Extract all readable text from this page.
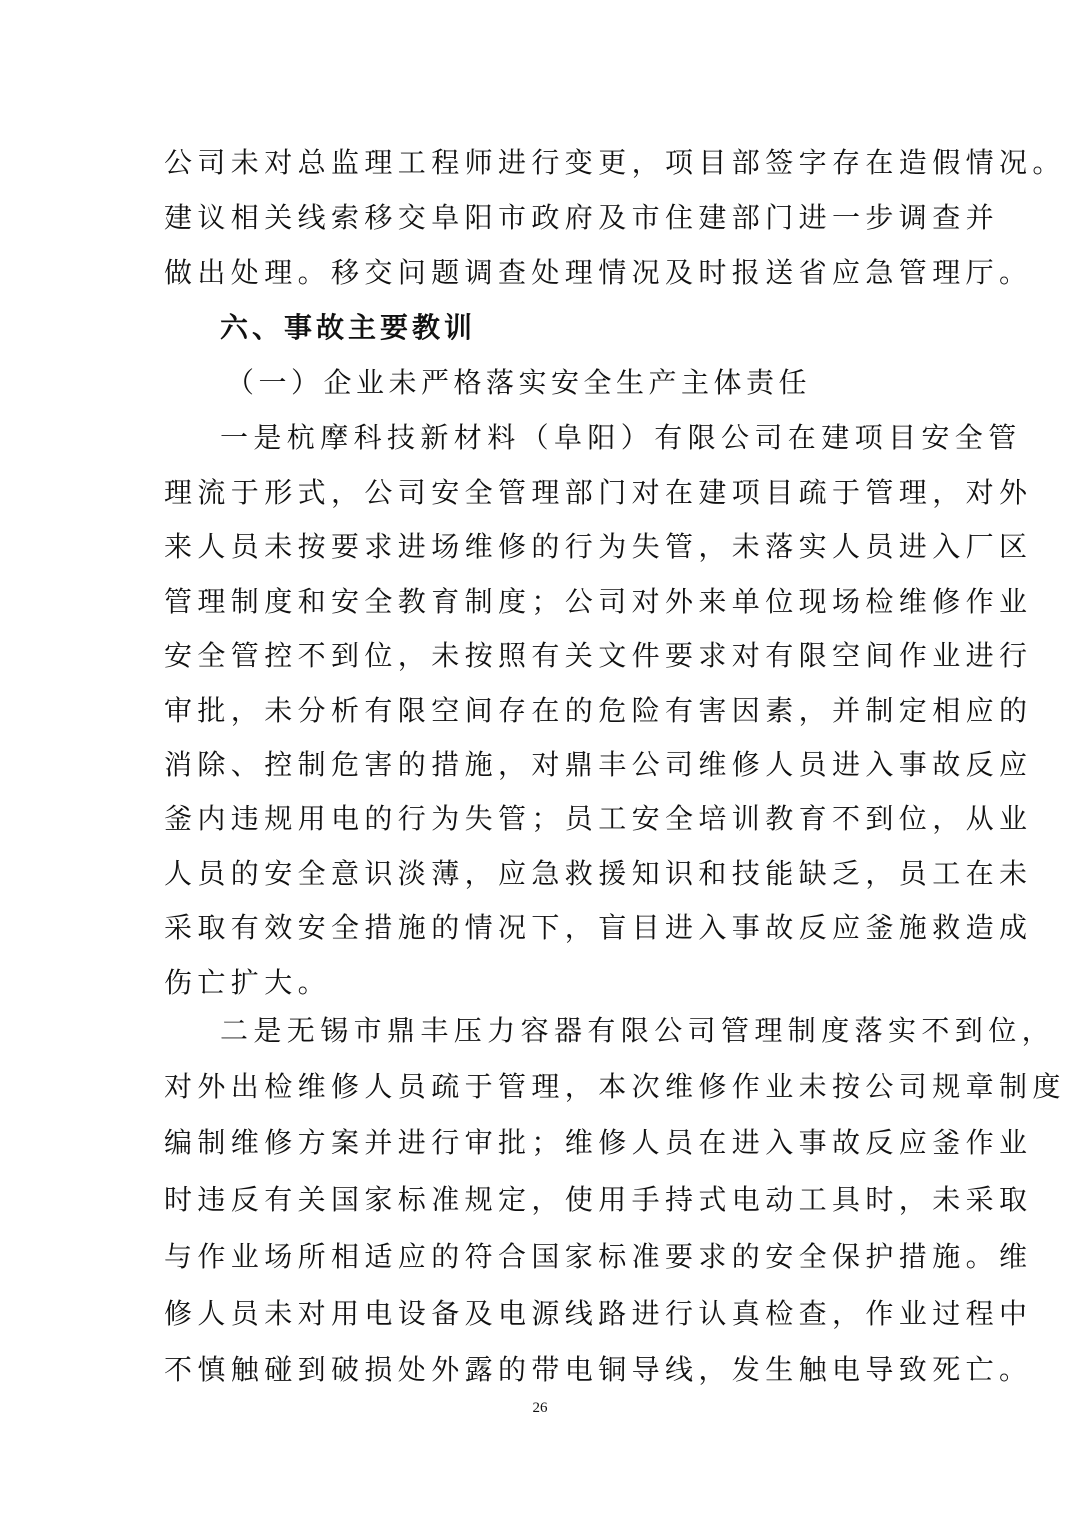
公司未对总监理工程师进行变更，项目部签字存在造假情况。
建议相关线索移交阜阳市政府及市住建部门进一步调查并
做出处理。移交问题调查处理情况及时报送省应急管理厅。
六、事故主要教训
（一）企业未严格落实安全生产主体责任
一是杭摩科技新材料（阜阳）有限公司在建项目安全管
理流于形式，公司安全管理部门对在建项目疏于管理，对外
来人员未按要求进场维修的行为失管，未落实人员进入厂区
管理制度和安全教育制度；公司对外来单位现场检维修作业
安全管控不到位，未按照有关文件要求对有限空间作业进行
审批，未分析有限空间存在的危险有害因素，并制定相应的
消除、控制危害的措施，对鼎丰公司维修人员进入事故反应
釜内违规用电的行为失管；员工安全培训教育不到位，从业
人员的安全意识淡薄，应急救援知识和技能缺乏，员工在未
采取有效安全措施的情况下，盲目进入事故反应釜施救造成
伤亡扩大。
二是无锡市鼎丰压力容器有限公司管理制度落实不到位，
对外出检维修人员疏于管理，本次维修作业未按公司规章制度
编制维修方案并进行审批；维修人员在进入事故反应釜作业
时违反有关国家标准规定，使用手持式电动工具时，未采取
与作业场所相适应的符合国家标准要求的安全保护措施。维
修人员未对用电设备及电源线路进行认真检查，作业过程中
不慎触碰到破损处外露的带电铜导线，发生触电导致死亡。
26
